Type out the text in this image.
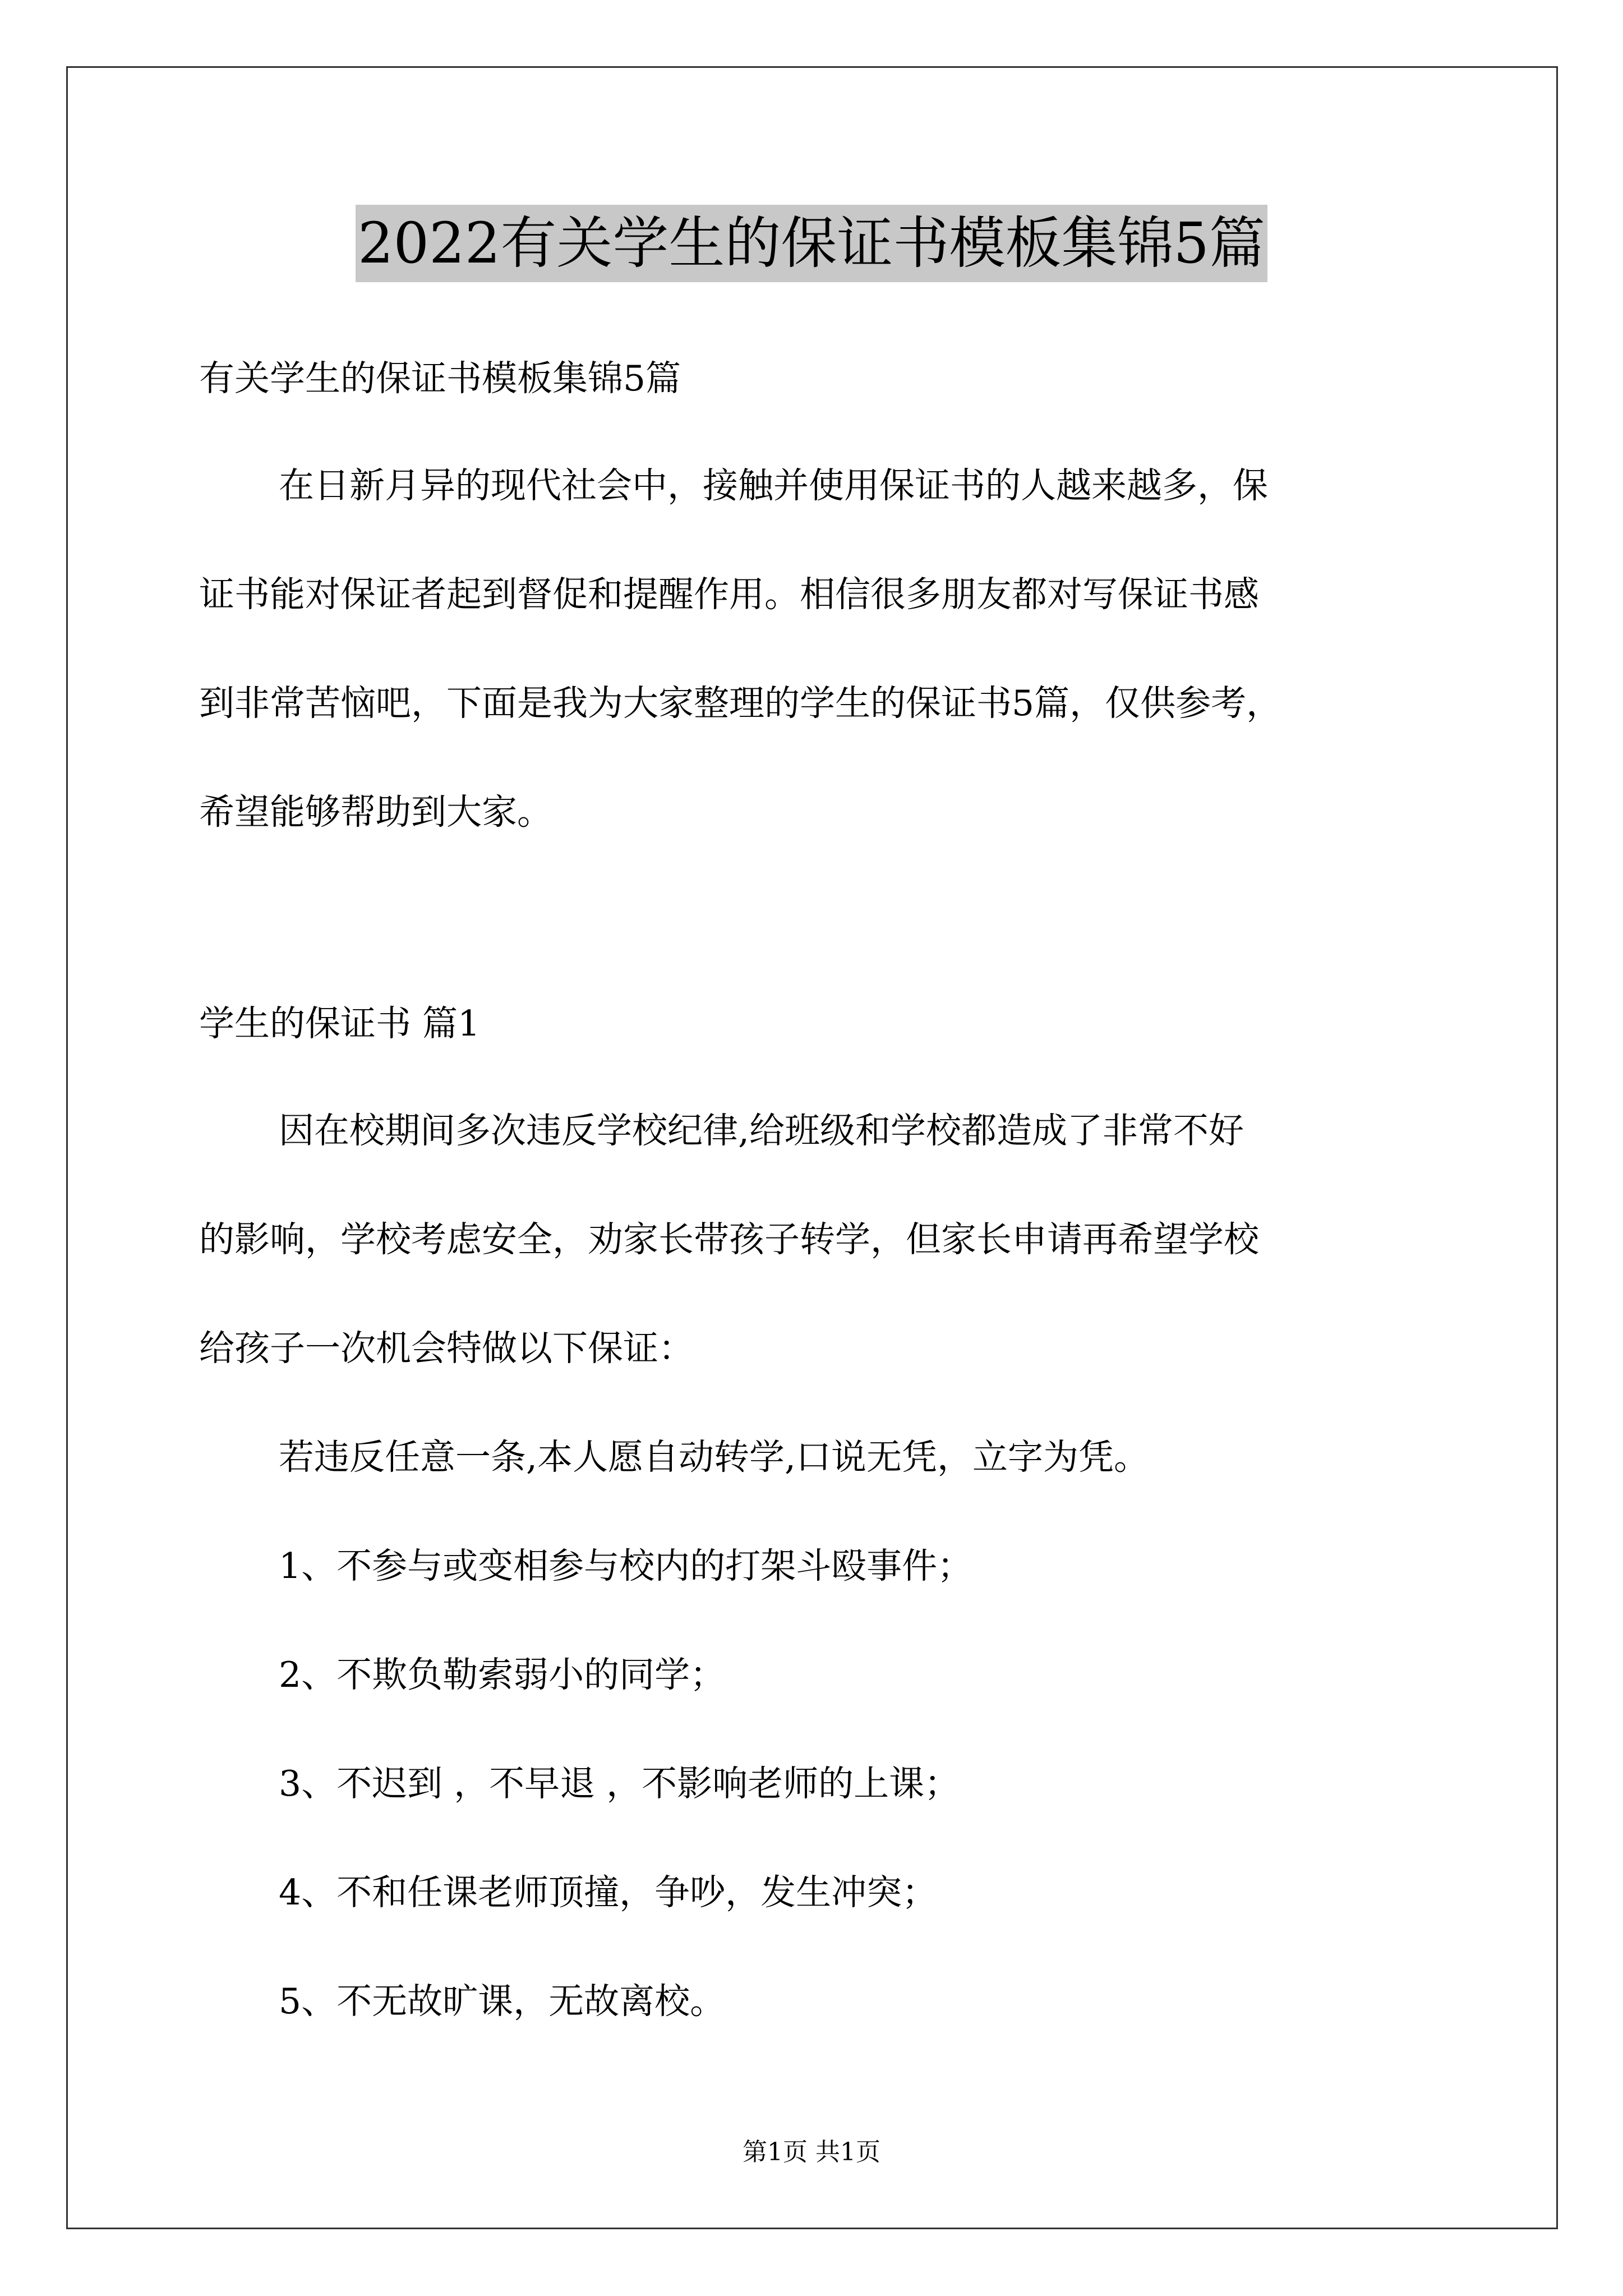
2022有关学生的保证书模板集锦5篇
有关学生的保证书模板集锦5篇
在日新月异的现代社会中，接触并使用保证书的人越来越多，保
证书能对保证者起到督促和提醒作用。相信很多朋友都对写保证书感
到非常苦恼吧，下面是我为大家整理的学生的保证书5篇，仅供参考，
希望能够帮助到大家。
学生的保证书 篇1
因在校期间多次违反学校纪律,给班级和学校都造成了非常不好
的影响，学校考虑安全，劝家长带孩子转学，但家长申请再希望学校
给孩子一次机会特做以下保证：
若违反任意一条,本人愿自动转学,口说无凭，立字为凭。
1、不参与或变相参与校内的打架斗殴事件；
2、不欺负勒索弱小的同学；
3、不迟到 ，不早退 ，不影响老师的上课；
4、不和任课老师顶撞，争吵，发生冲突；
5、不无故旷课，无故离校。
第1页 共1页
